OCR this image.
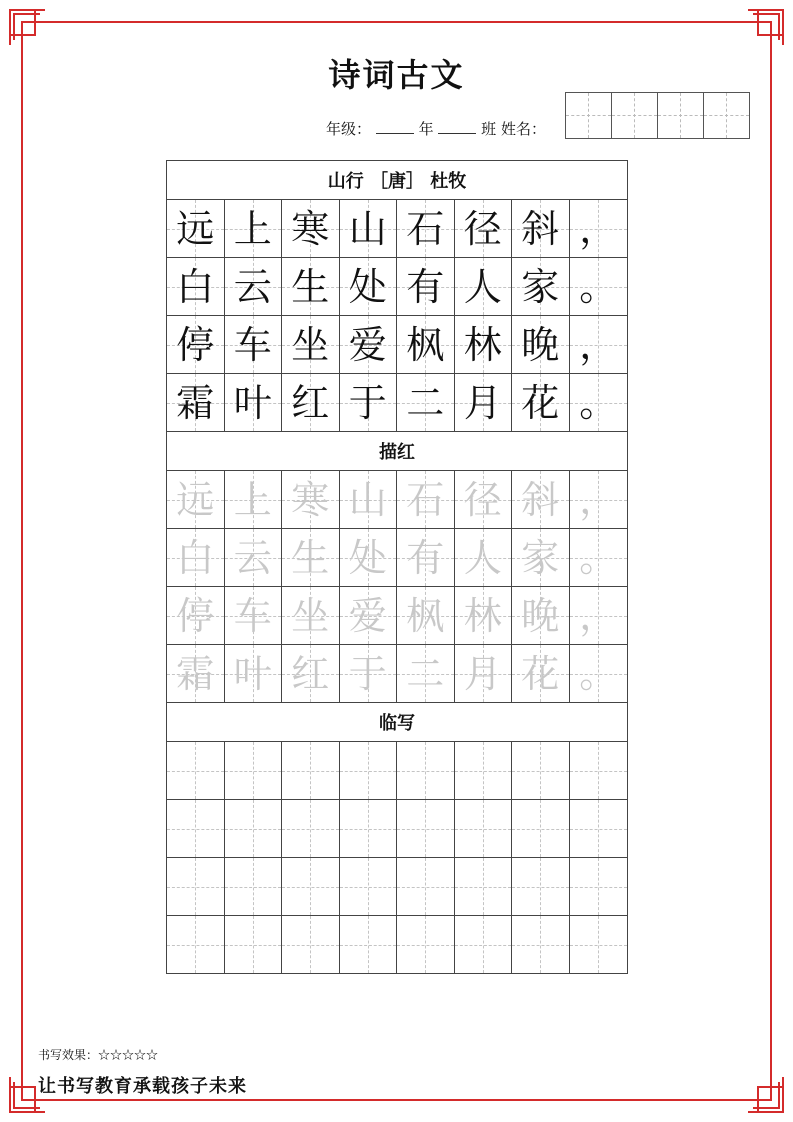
诗词古文
年级：	年	班 姓名：
山行 ［唐］ 杜牧
远 上 寒 山 石 径 斜 ，
白 云 生 处 有 人 家 。
停 车 坐 爱 枫 林 晚 ，
霜 叶 红 于 二 月 花 。
描红
远 上 寒 山 石 径 斜 ，
白 云 生 处 有 人 家 。
停 车 坐 爱 枫 林 晚 ，
霜 叶 红 于 二 月 花 。
临写
书写效果：☆☆☆☆☆
让书写教育承载孩子未来
